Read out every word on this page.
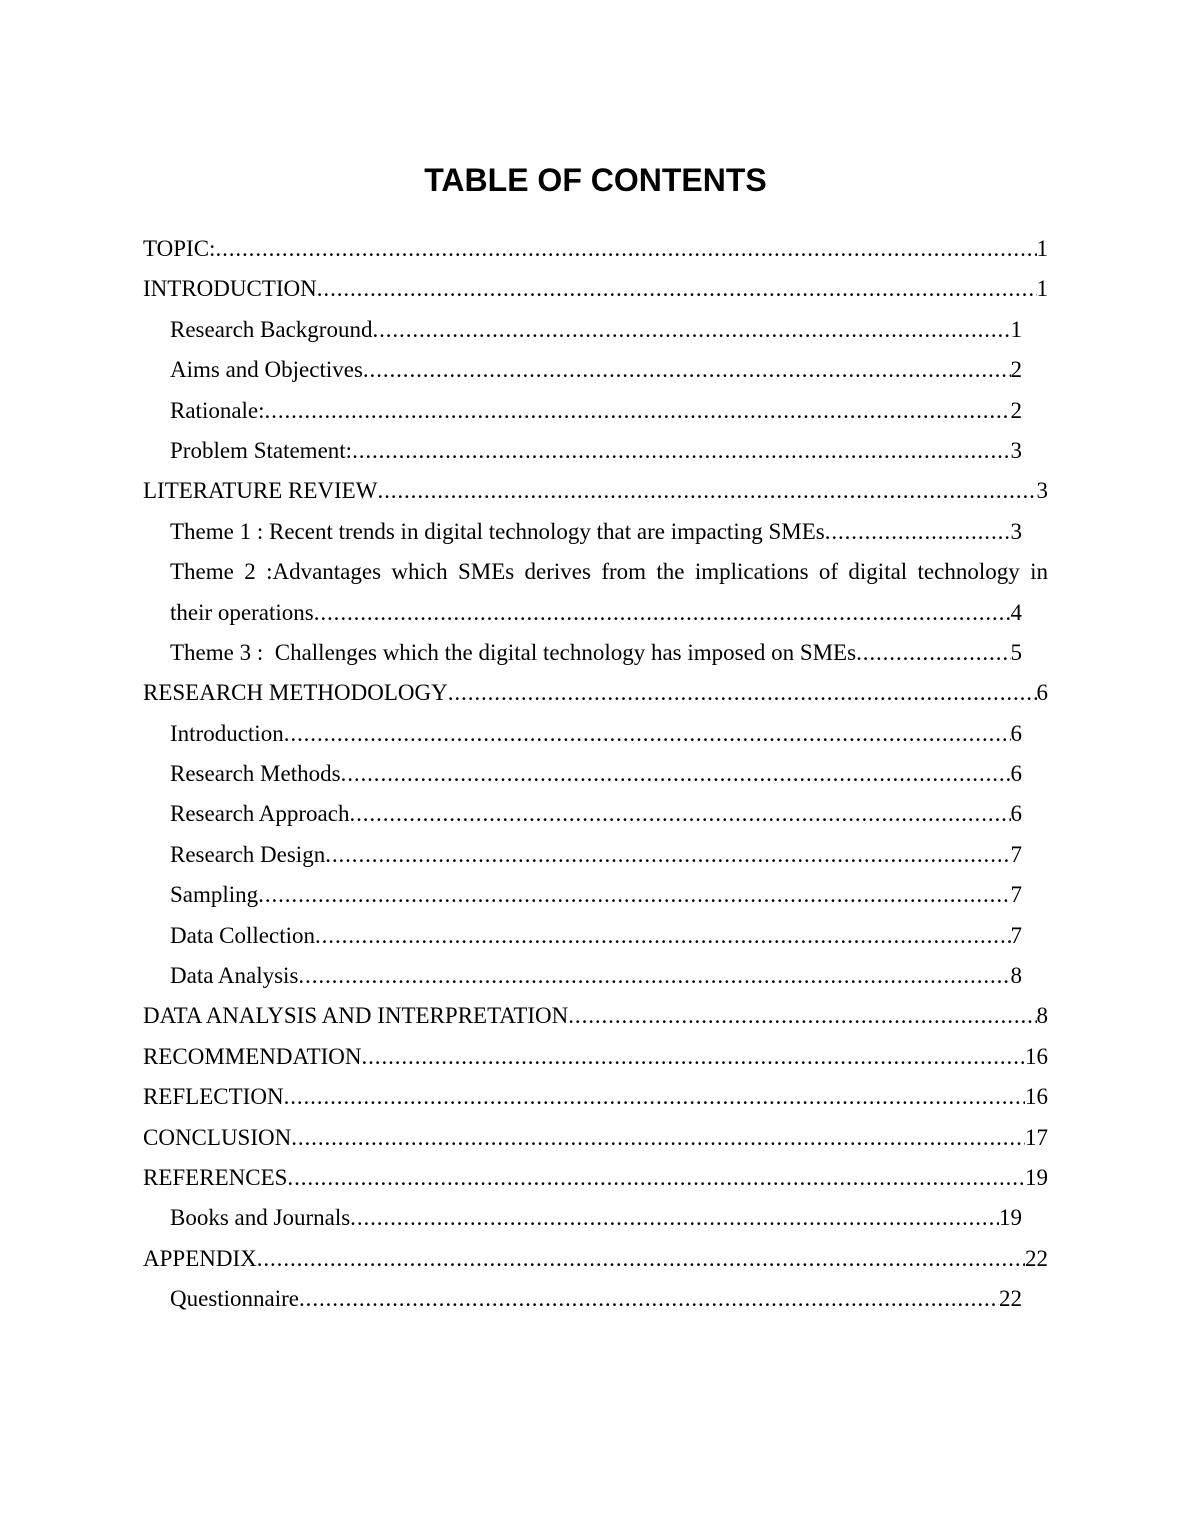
TABLE OF CONTENTS
TOPIC: .....	1
INTRODUCTION .....	1
Research Background .....	1
Aims and Objectives .....	2
Rationale: .....	2
Problem Statement: .....	3
LITERATURE REVIEW .....	3
Theme 1 : Recent trends in digital technology that are impacting SMEs .....	3
Theme 2 :Advantages which SMEs derives from the implications of digital technology in
their operations .....	4
Theme 3 :  Challenges which the digital technology has imposed on SMEs .....	5
RESEARCH METHODOLOGY .....	6
Introduction .....	6
Research Methods .....	6
Research Approach .....	6
Research Design .....	7
Sampling .....	7
Data Collection .....	7
Data Analysis .....	8
DATA ANALYSIS AND INTERPRETATION .....	8
RECOMMENDATION .....	16
REFLECTION .....	16
CONCLUSION .....	17
REFERENCES .....	19
Books and Journals .....	19
APPENDIX .....	22
Questionnaire .....	22
